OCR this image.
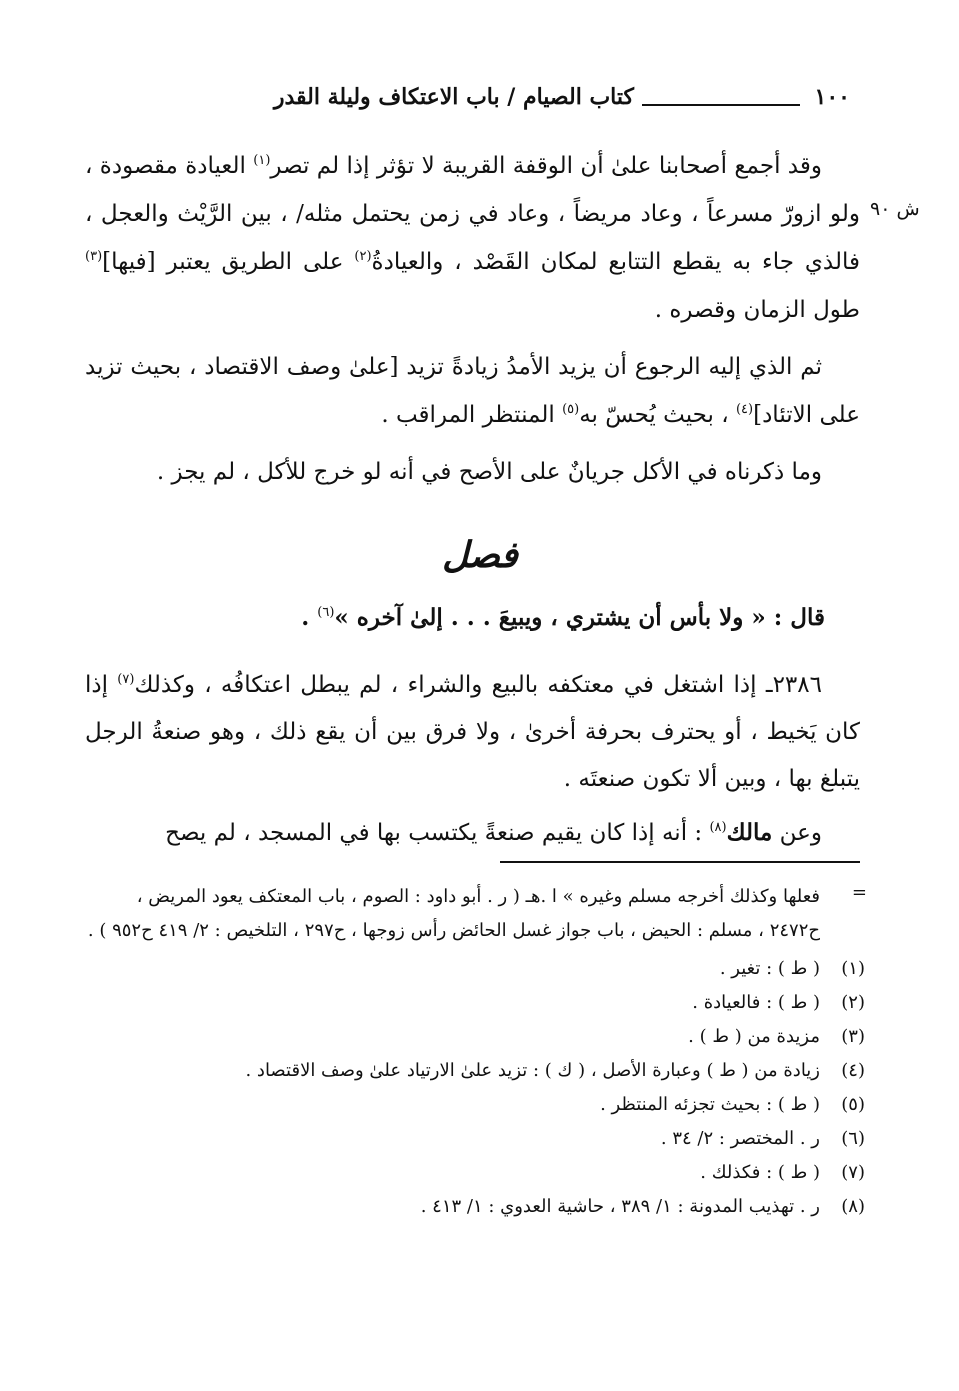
١٠٠
كتاب الصيام / باب الاعتكاف وليلة القدر
ش ٩٠

وقد أجمع أصحابنا علىٰ أن الوقفة القريبة لا تؤثر إذا لم تصر$^{(١)}$ العيادة مقصودة ، ولو ازورّ مسرعاً ، وعاد مريضاً ، وعاد في زمن يحتمل مثله/ ، بين الرَّيْث والعجل ، فالذي جاء به يقطع التتابع لمكان القَصْد ، والعيادةُ$^{(٢)}$ على الطريق يعتبر [فيها]$^{(٣)}$ طول الزمان وقصره .

ثم الذي إليه الرجوع أن يزيد الأمدُ زيادةً تزيد [علىٰ وصف الاقتصاد ، بحيث تزيد على الاتئاد]$^{(٤)}$ ، بحيث يُحسّ به$^{(٥)}$ المنتظر المراقب .

وما ذكرناه في الأكل جريانٌ على الأصح في أنه لو خرج للأكل ، لم يجز .

فصل
قال : « ولا بأس أن يشتري ، ويبيعَ . . . إلىٰ آخره »$^{(٦)}$ .

٢٣٨٦ـ إذا اشتغل في معتكفه بالبيع والشراء ، لم يبطل اعتكافُه ، وكذلك$^{(٧)}$ إذا كان يَخيط ، أو يحترف بحرفة أخرىٰ ، ولا فرق بين أن يقع ذلك ، وهو صنعةُ الرجل يتبلغ بها ، وبين ألا تكون صنعتَه .

وعن مالك$^{(٨)}$ : أنه إذا كان يقيم صنعةً يكتسب بها في المسجد ، لم يصح

=
فعلها وكذلك أخرجه مسلم وغيره » ا .هـ ( ر . أبو داود : الصوم ، باب المعتكف يعود المريض ، ح٢٤٧٢ ، مسلم : الحيض ، باب جواز غسل الحائض رأس زوجها ، ح٢٩٧ ، التلخيص : ٢/ ٤١٩ ح٩٥٢ ) .
(١)
( ط ) : تغير .
(٢)
( ط ) : فالعيادة .
(٣)
مزيدة من ( ط ) .
(٤)
زيادة من ( ط ) وعبارة الأصل ، ( ك ) : تزيد علىٰ الارتياد علىٰ وصف الاقتصاد .
(٥)
( ط ) : بحيث تجزئه المنتظر .
(٦)
ر . المختصر : ٢/ ٣٤ .
(٧)
( ط ) : فكذلك .
(٨)
ر . تهذيب المدونة : ١/ ٣٨٩ ، حاشية العدوي : ١/ ٤١٣ .
